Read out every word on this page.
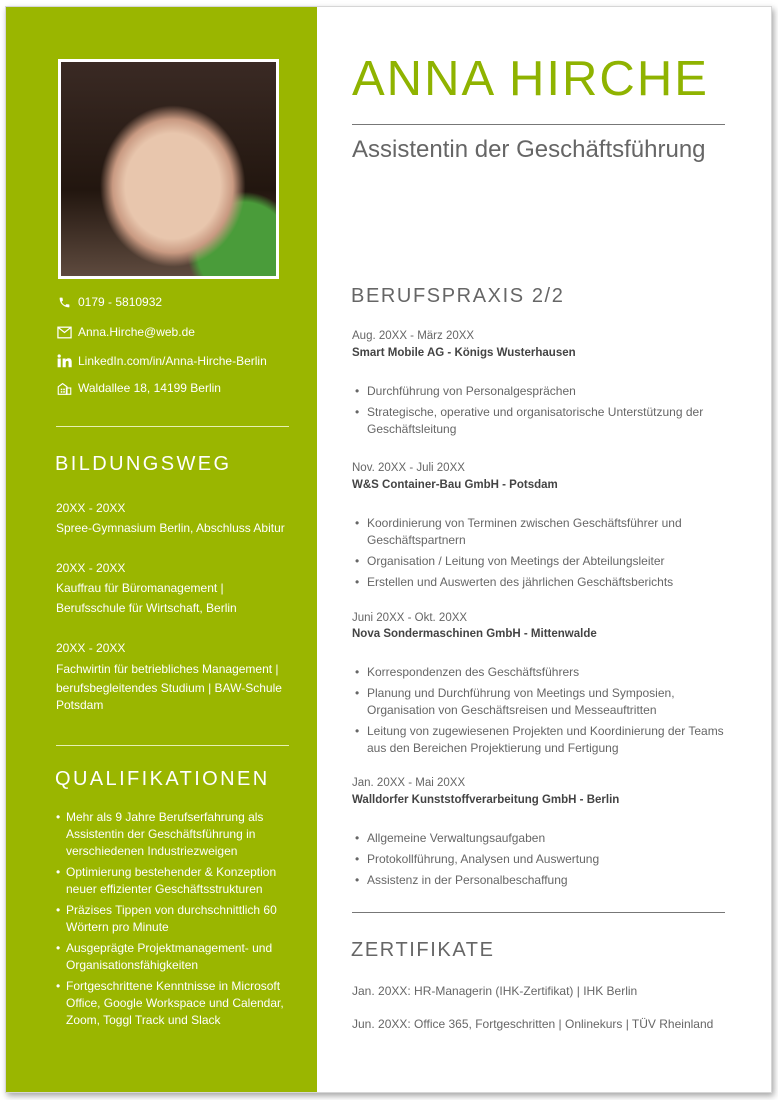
0179 - 5810932
Anna.Hirche@web.de
LinkedIn.com/in/Anna-Hirche-Berlin
Waldallee 18, 14199 Berlin
BILDUNGSWEG
20XX - 20XX
Spree-Gymnasium Berlin, Abschluss Abitur
20XX - 20XX
Kauffrau für Büromanagement |
Berufsschule für Wirtschaft, Berlin
20XX - 20XX
Fachwirtin für betriebliches Management |
berufsbegleitendes Studium | BAW-Schule
Potsdam
QUALIFIKATIONEN
• Mehr als 9 Jahre Berufserfahrung als Assistentin der Geschäftsführung in verschiedenen Industriezweigen
• Optimierung bestehender & Konzeption neuer effizienter Geschäftsstrukturen
• Präzises Tippen von durchschnittlich 60 Wörtern pro Minute
• Ausgeprägte Projektmanagement- und Organisationsfähigkeiten
• Fortgeschrittene Kenntnisse in Microsoft Office, Google Workspace und Calendar, Zoom, Toggl Track und Slack
ANNA HIRCHE
Assistentin der Geschäftsführung
BERUFSPRAXIS 2/2
Aug. 20XX - März 20XX
Smart Mobile AG - Königs Wusterhausen
• Durchführung von Personalgesprächen
• Strategische, operative und organisatorische Unterstützung der Geschäftsleitung
Nov. 20XX - Juli 20XX
W&S Container-Bau GmbH - Potsdam
• Koordinierung von Terminen zwischen Geschäftsführer und Geschäftspartnern
• Organisation / Leitung von Meetings der Abteilungsleiter
• Erstellen und Auswerten des jährlichen Geschäftsberichts
Juni 20XX - Okt. 20XX
Nova Sondermaschinen GmbH - Mittenwalde
• Korrespondenzen des Geschäftsführers
• Planung und Durchführung von Meetings und Symposien, Organisation von Geschäftsreisen und Messeauftritten
• Leitung von zugewiesenen Projekten und Koordinierung der Teams aus den Bereichen Projektierung und Fertigung
Jan. 20XX - Mai 20XX
Walldorfer Kunststoffverarbeitung GmbH - Berlin
• Allgemeine Verwaltungsaufgaben
• Protokollführung, Analysen und Auswertung
• Assistenz in der Personalbeschaffung
ZERTIFIKATE
Jan. 20XX: HR-Managerin (IHK-Zertifikat) | IHK Berlin
Jun. 20XX: Office 365, Fortgeschritten | Onlinekurs | TÜV Rheinland
